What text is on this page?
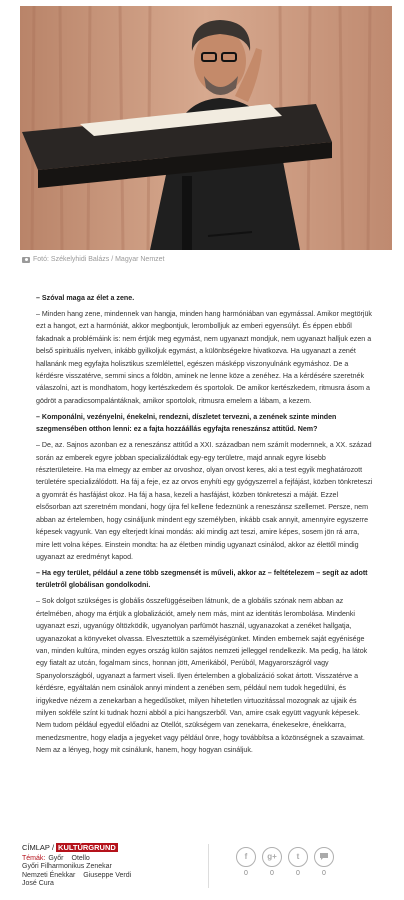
Fotó: Székelyhidi Balázs / Magyar Nemzet

– Szóval maga az élet a zene.

– Minden hang zene, mindennek van hangja, minden hang harmóniában van egymással. Amikor megtörjük ezt a hangot, ezt a harmóniát, akkor megbontjuk, lerombolljuk az emberi egyensúlyt. És éppen ebből fakadnak a problémáink is: nem értjük meg egymást, nem ugyanazt mondjuk, nem ugyanazt halljuk ezen a belső spirituális nyelven, inkább gyilkoljuk egymást, a különbségekre hivatkozva. Ha ugyanazt a zenét hallanánk meg egyfajta holisztikus szemlélettel, egészen másképp viszonyulnánk egymáshoz. De a kérdésre visszatérve, semmi sincs a földön, aminek ne lenne köze a zenéhez. Ha a kérdésére szeretnék válaszolni, azt is mondhatom, hogy kertészkedem és sportolok. De amikor kertészkedem, ritmusra ásom a gödröt a paradicsompalántáknak, amikor sportolok, ritmusra emelem a lábam, a kezem.

– Komponálni, vezényelni, énekelni, rendezni, díszletet tervezni, a zenének szinte minden szegmensében otthon lenni: ez a fajta hozzáállás egyfajta reneszánsz attitűd. Nem?

– De, az. Sajnos azonban ez a reneszánsz attitűd a XXI. században nem számít modernnek, a XX. század során az emberek egyre jobban specializálódtak egy-egy területre, majd annak egyre kisebb részterületeire. Ha ma elmegy az ember az orvoshoz, olyan orvost keres, aki a test egyik meghatározott területére specializálódott. Ha fáj a feje, ez az orvos enyhíti egy gyógyszerrel a fejfájást, közben tönkreteszi a gyomrát és hasfájást okoz. Ha fáj a hasa, kezeli a hasfájást, közben tönkreteszi a máját. Ezzel elsősorban azt szeretném mondani, hogy újra fel kellene fedeznünk a reneszánsz szellemet. Persze, nem abban az értelemben, hogy csináljunk mindent egy személyben, inkább csak annyit, amennyire egyszerre képesek vagyunk. Van egy elterjedt kínai mondás: aki mindig azt teszi, amire képes, sosem jön rá arra, mire lett volna képes. Einstein mondta: ha az életben mindig ugyanazt csinálod, akkor az élettől mindig ugyanazt az eredményt kapod.

– Ha egy terület, például a zene több szegmensét is műveli, akkor az – feltételezem – segít az adott területről globálisan gondolkodni.

– Sok dolgot szükséges is globális összefüggéseiben látnunk, de a globális szónak nem abban az értelmében, ahogy ma értjük a globalizációt, amely nem más, mint az identitás lerombolása. Mindenki ugyanazt eszi, ugyanúgy öltözködik, ugyanolyan parfümöt használ, ugyanazokat a zenéket hallgatja, ugyanazokat a könyveket olvassa. Elvesztettük a személyiségünket. Minden embernek saját egyénisége van, minden kultúra, minden egyes ország külön sajátos nemzeti jelleggel rendelkezik. Ma pedig, ha látok egy fiatalt az utcán, fogalmam sincs, honnan jött, Amerikából, Perúból, Magyarországról vagy Spanyolországból, ugyanazt a farmert viseli. Ilyen értelemben a globalizáció sokat ártott. Visszatérve a kérdésre, egyáltalán nem csinálok annyi mindent a zenében sem, például nem tudok hegedülni, és irigykedve nézem a zenekarban a hegedűsöket, milyen hihetetlen virtuozitással mozognak az ujjaik és milyen sokféle színt ki tudnak hozni abból a pici hangszerből. Van, amire csak együtt vagyunk képesek. Nem tudom például egyedül előadni az Otellót, szükségem van zenekarra, énekesekre, énekkarra, menedzsmentre, hogy eladja a jegyeket vagy például önre, hogy továbbítsa a közönségnek a szavaimat. Nem az a lényeg, hogy mit csinálunk, hanem, hogy hogyan csináljuk.

CÍMLAP / KULTÚRGRUND
Témák: Győr Otello
Győri Filharmonikus Zenekar
Nemzeti Énekkar Giuseppe Verdi
José Cura
f
0
g+
0
t
0	0
